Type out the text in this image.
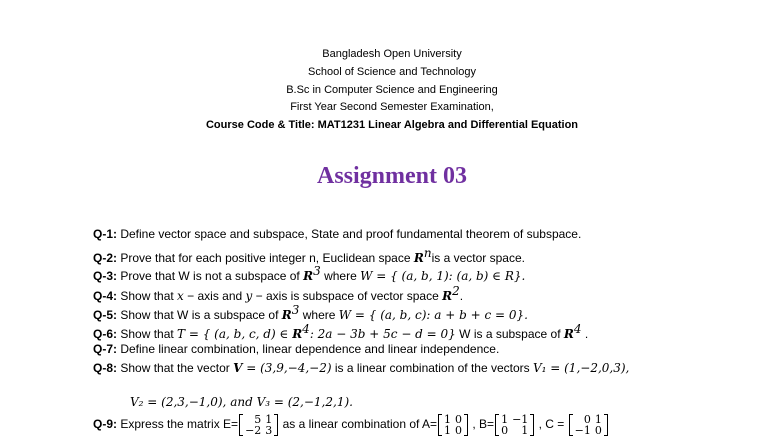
Bangladesh Open University
School of Science and Technology
B.Sc in Computer Science and Engineering
First Year Second Semester Examination,
Course Code & Title: MAT1231 Linear Algebra and Differential Equation
Assignment 03
Q-1: Define vector space and subspace, State and proof fundamental theorem of subspace.
Q-2: Prove that for each positive integer n, Euclidean space $R^nis$ a vector space.
Q-3: Prove that W is not a subspace of $R^3$ where W = { (a, b, 1): (a, b) ∈ R}.
Q-4: Show that x − axis and y − axis is subspace of vector space $R^2$.
Q-5: Show that W is a subspace of $R^3$ where W = { (a, b, c): a + b + c = 0}.
Q-6: Show that T = { (a, b, c, d) ∈ $R^4$: 2a − 3b + 5c − d = 0} W is a subspace of $R^4$ .
Q-7: Define linear combination, linear dependence and linear independence.
Q-8: Show that the vector V = (3,9,−4,−2) is a linear combination of the vectors V₁ = (1,−2,0,3),
V₂ = (2,3,−1,0), and V₃ = (2,−1,2,1).
Q-9: Express the matrix E= 5	1
−2	3 as a linear combination of A= 1	0
1	0 , B= 1	−1
0	1 , C = 0	1
−1	0
